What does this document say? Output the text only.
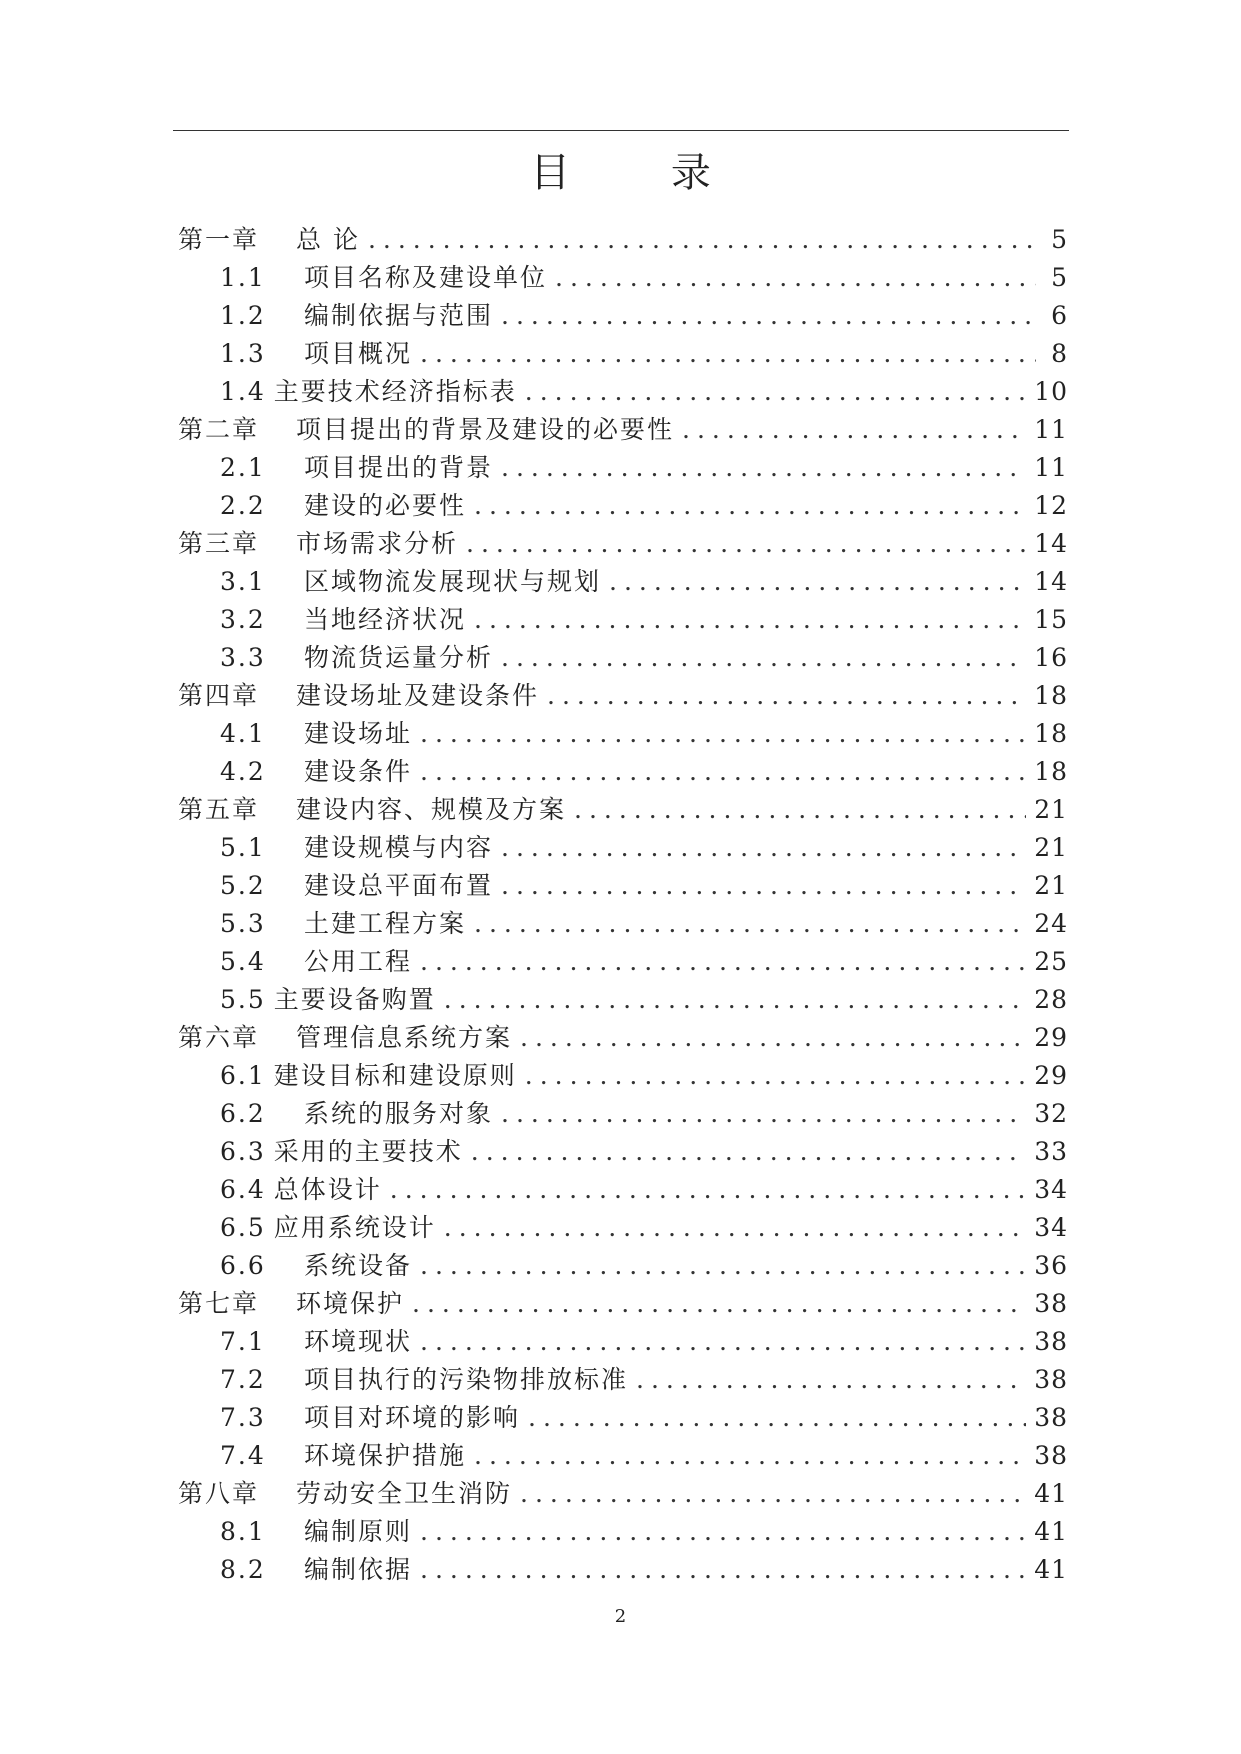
目 录
第一章	总 论 .....	5
1.1	项目名称及建设单位 .....	5
1.2	编制依据与范围 .....	6
1.3	项目概况 .....	8
1.4 主要技术经济指标表 .....	10
第二章	项目提出的背景及建设的必要性 .....	11
2.1	项目提出的背景 .....	11
2.2	建设的必要性 .....	12
第三章	市场需求分析 .....	14
3.1	区域物流发展现状与规划 .....	14
3.2	当地经济状况 .....	15
3.3	物流货运量分析 .....	16
第四章	建设场址及建设条件 .....	18
4.1	建设场址 .....	18
4.2	建设条件 .....	18
第五章	建设内容、规模及方案 .....	21
5.1	建设规模与内容 .....	21
5.2	建设总平面布置 .....	21
5.3	土建工程方案 .....	24
5.4	公用工程 .....	25
5.5 主要设备购置 .....	28
第六章	管理信息系统方案 .....	29
6.1 建设目标和建设原则 .....	29
6.2	系统的服务对象 .....	32
6.3 采用的主要技术 .....	33
6.4 总体设计 .....	34
6.5 应用系统设计 .....	34
6.6	系统设备 .....	36
第七章	环境保护 .....	38
7.1	环境现状 .....	38
7.2	项目执行的污染物排放标准 .....	38
7.3	项目对环境的影响 .....	38
7.4	环境保护措施 .....	38
第八章	劳动安全卫生消防 .....	41
8.1	编制原则 .....	41
8.2	编制依据 .....	41
2
